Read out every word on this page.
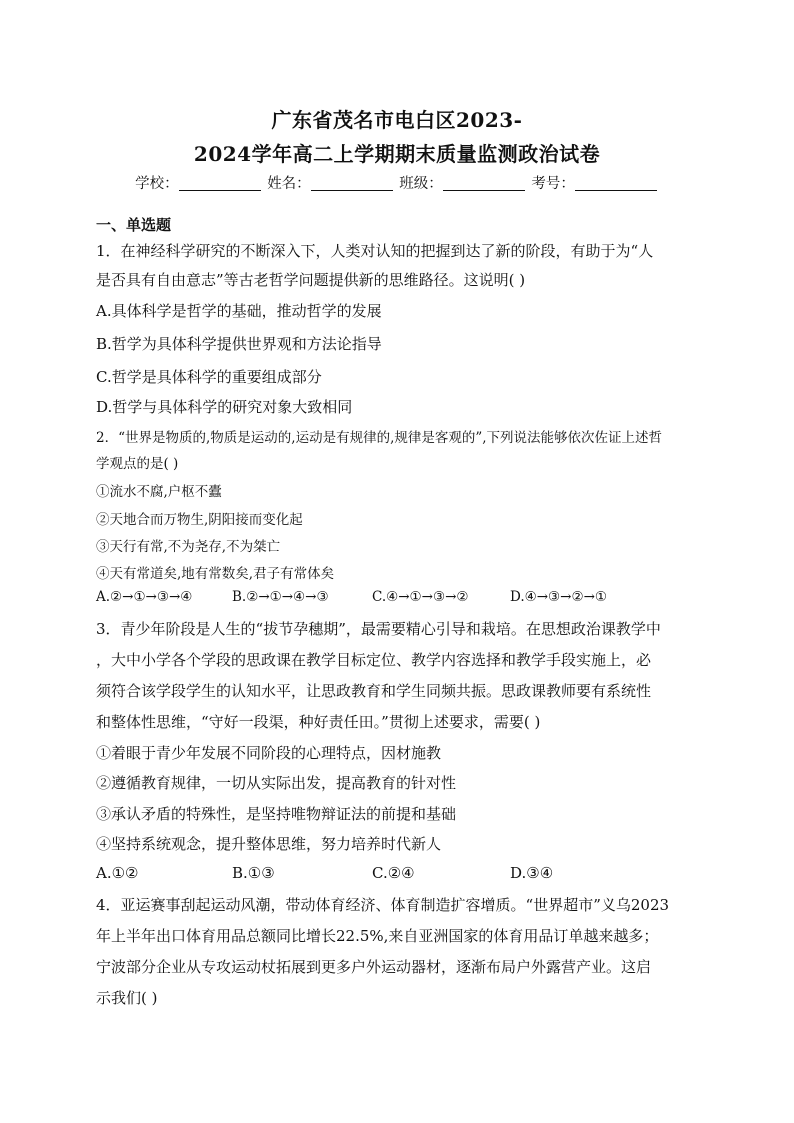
广东省茂名市电白区2023-
2024学年高二上学期期末质量监测政治试卷
学校：	姓名：	班级：	考号：
一、单选题
1．在神经科学研究的不断深入下，人类对认知的把握到达了新的阶段，有助于为“人
是否具有自由意志”等古老哲学问题提供新的思维路径。这说明( )
A.具体科学是哲学的基础，推动哲学的发展
B.哲学为具体科学提供世界观和方法论指导
C.哲学是具体科学的重要组成部分
D.哲学与具体科学的研究对象大致相同
2．“世界是物质的,物质是运动的,运动是有规律的,规律是客观的”,下列说法能够依次佐证上述哲
学观点的是( )
①流水不腐,户枢不蠹
②天地合而万物生,阴阳接而变化起
③天行有常,不为尧存,不为桀亡
④天有常道矣,地有常数矣,君子有常体矣
A.②→①→③→④	B.②→①→④→③	C.④→①→③→②	D.④→③→②→①
3．青少年阶段是人生的“拔节孕穗期”，最需要精心引导和栽培。在思想政治课教学中
，大中小学各个学段的思政课在教学目标定位、教学内容选择和教学手段实施上，必
须符合该学段学生的认知水平，让思政教育和学生同频共振。思政课教师要有系统性
和整体性思维，“守好一段渠，种好责任田。”贯彻上述要求，需要( )
①着眼于青少年发展不同阶段的心理特点，因材施教
②遵循教育规律，一切从实际出发，提高教育的针对性
③承认矛盾的特殊性，是坚持唯物辩证法的前提和基础
④坚持系统观念，提升整体思维，努力培养时代新人
A.①②	B.①③	C.②④	D.③④
4．亚运赛事刮起运动风潮，带动体育经济、体育制造扩容增质。“世界超市”义乌2023
年上半年出口体育用品总额同比增长22.5%,来自亚洲国家的体育用品订单越来越多；
宁波部分企业从专攻运动杖拓展到更多户外运动器材，逐渐布局户外露营产业。这启
示我们( )
